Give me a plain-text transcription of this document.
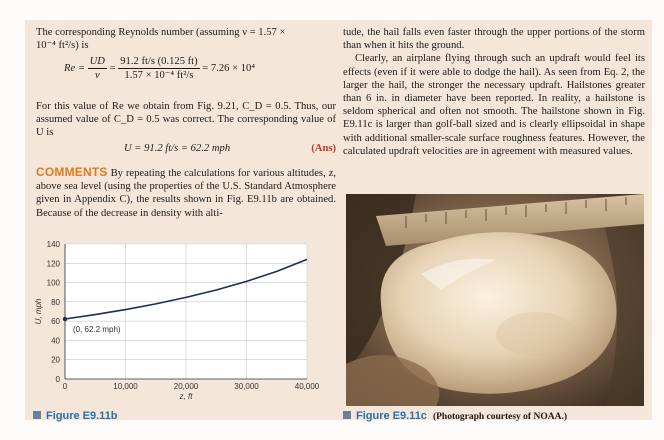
The corresponding Reynolds number (assuming ν = 1.57 ×

10⁻⁴ ft²/s) is

$Re = \frac{UD}{\nu} = \frac{91.2 ft/s (0.125 ft)}{\text{1.57 × 10⁻⁴ ft²/s}} = 7.26 \times 10^4$

For this value of Re we obtain from Fig. 9.21, C_D = 0.5. Thus, our assumed value of C_D = 0.5 was correct. The corresponding value of U is

U = 91.2 ft/s = 62.2 mph	(Ans)

COMMENTS By repeating the calculations for various altitudes, z, above sea level (using the properties of the U.S. Standard Atmosphere given in Appendix C), the results shown in Fig. E9.11b are obtained. Because of the decrease in density with alti-

0
20
40
60
80
100
120
140
0	10,000	20,000	30,000	40,000
z, ft
U, mph
(0, 62.2 mph)
Figure E9.11b

tude, the hail falls even faster through the upper portions of the storm than when it hits the ground.

Clearly, an airplane flying through such an updraft would feel its effects (even if it were able to dodge the hail). As seen from Eq. 2, the larger the hail, the stronger the necessary updraft. Hailstones greater than 6 in. in diameter have been reported. In reality, a hailstone is seldom spherical and often not smooth. The hailstone shown in Fig. E9.11c is larger than golf-ball sized and is clearly ellipsoidal in shape with additional smaller-scale surface roughness features. However, the calculated updraft velocities are in agreement with measured values.

Figure E9.11c (Photograph courtesy of NOAA.)
